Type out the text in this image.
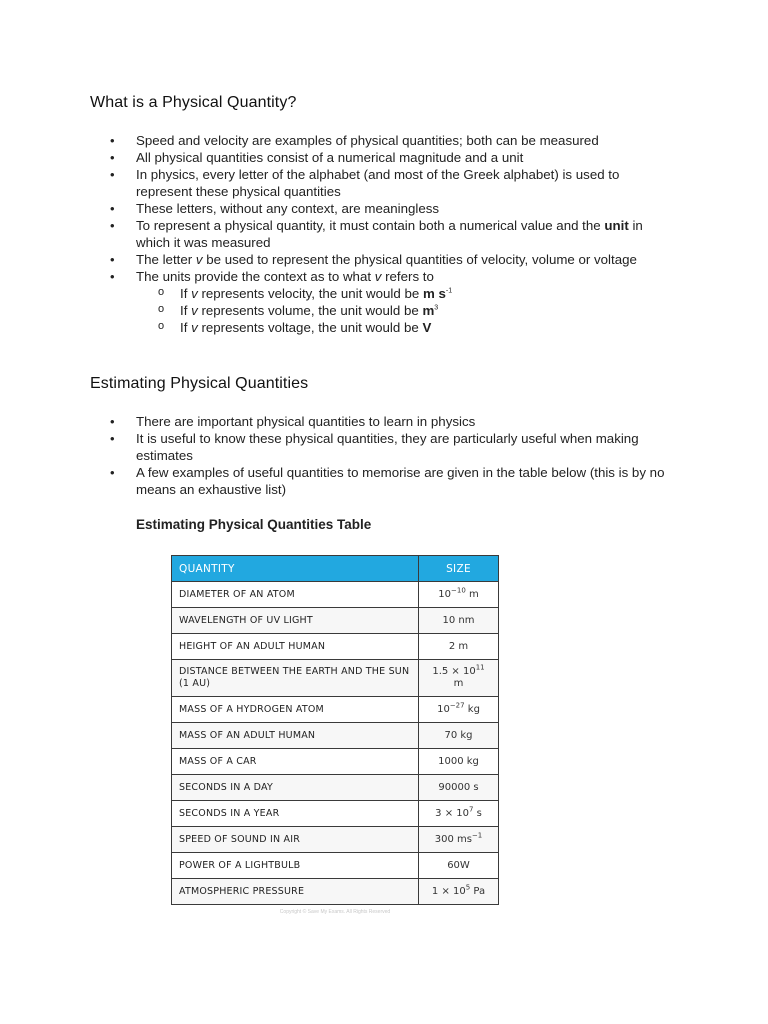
What is a Physical Quantity?
• Speed and velocity are examples of physical quantities; both can be measured
• All physical quantities consist of a numerical magnitude and a unit
• In physics, every letter of the alphabet (and most of the Greek alphabet) is used to represent these physical quantities
• These letters, without any context, are meaningless
• To represent a physical quantity, it must contain both a numerical value and the unit in which it was measured
• The letter v be used to represent the physical quantities of velocity, volume or voltage
• The units provide the context as to what v refers to
o If v represents velocity, the unit would be m $s^{-1}$
o If v represents volume, the unit would be $m^3$
o If v represents voltage, the unit would be V
Estimating Physical Quantities
• There are important physical quantities to learn in physics
• It is useful to know these physical quantities, they are particularly useful when making estimates
• A few examples of useful quantities to memorise are given in the table below (this is by no means an exhaustive list)
Estimating Physical Quantities Table
QUANTITY	SIZE
DIAMETER OF AN ATOM	$10^{-10}$ m
WAVELENGTH OF UV LIGHT	10 nm
HEIGHT OF AN ADULT HUMAN	2 m
DISTANCE BETWEEN THE EARTH AND THE SUN (1 AU)	$1.5 \times 10^{11}$ m
MASS OF A HYDROGEN ATOM	$10^{-27}$ kg
MASS OF AN ADULT HUMAN	70 kg
MASS OF A CAR	1000 kg
SECONDS IN A DAY	90000 s
SECONDS IN A YEAR	$3 \times 10^7$ s
SPEED OF SOUND IN AIR	300 $ms^{-1}$
POWER OF A LIGHTBULB	60W
ATMOSPHERIC PRESSURE	$1 \times 10^5$ Pa
Copyright © Save My Exams. All Rights Reserved
